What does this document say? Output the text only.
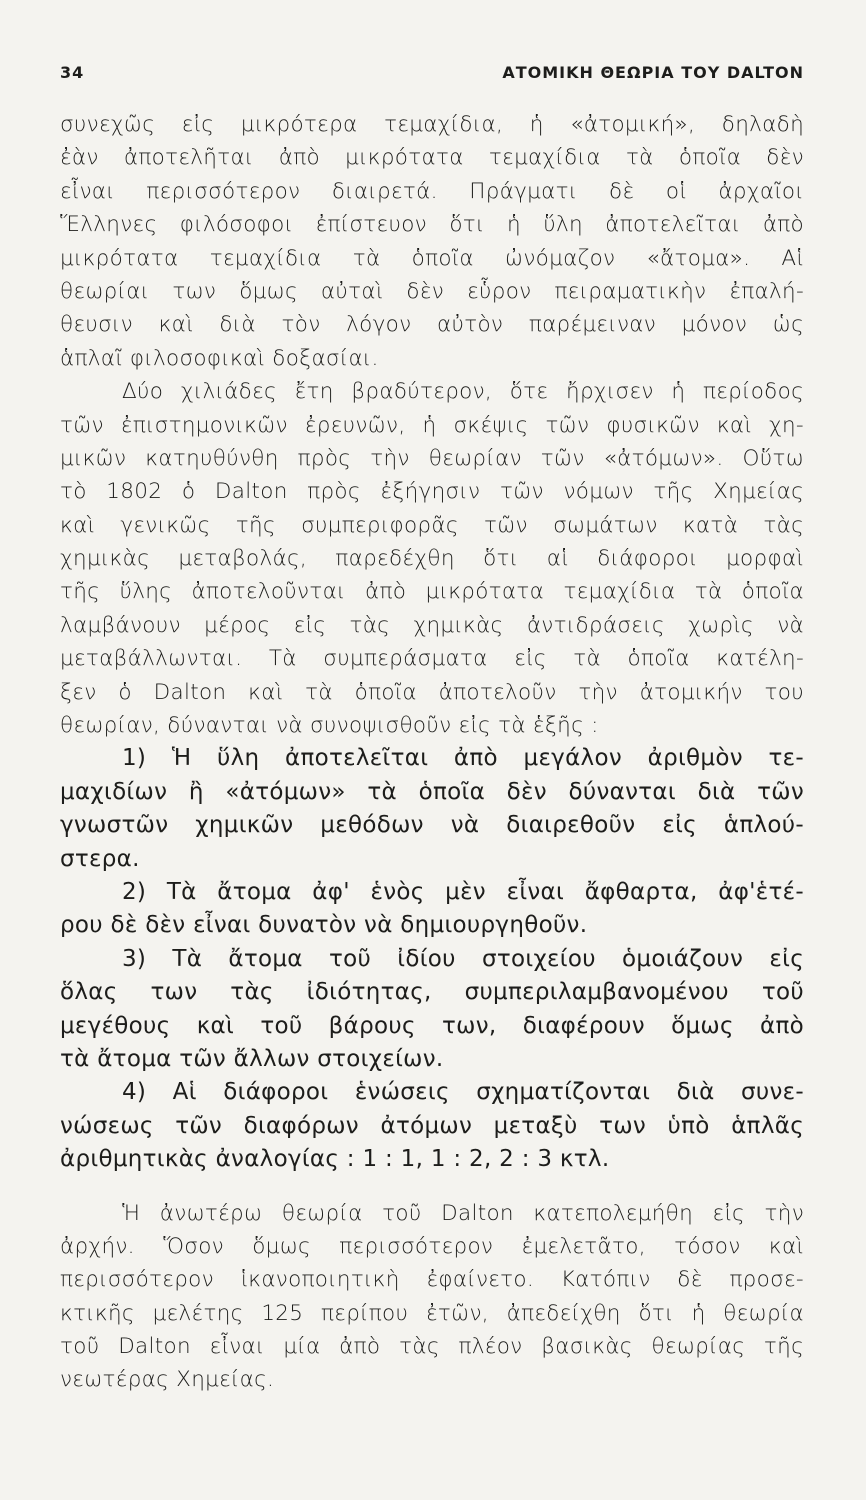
34	ΑΤΟΜΙΚΗ ΘΕΩΡΙΑ ΤΟΥ DALTON
συνεχῶς εἰς μικρότερα τεμαχίδια, ἡ «ἀτομική», δηλαδὴ
ἐὰν ἀποτελῆται ἀπὸ μικρότατα τεμαχίδια τὰ ὁποῖα δὲν
εἶναι περισσότερον διαιρετά. Πράγματι δὲ οἱ ἀρχαῖοι
Ἕλληνες φιλόσοφοι ἐπίστευον ὅτι ἡ ὕλη ἀποτελεῖται ἀπὸ
μικρότατα τεμαχίδια τὰ ὁποῖα ὠνόμαζον «ἄτομα». Αἱ
θεωρίαι των ὅμως αὐταὶ δὲν εὗρον πειραματικὴν ἐπαλή-
θευσιν καὶ διὰ τὸν λόγον αὐτὸν παρέμειναν μόνον ὡς
ἁπλαῖ φιλοσοφικαὶ δοξασίαι.
Δύο χιλιάδες ἔτη βραδύτερον, ὅτε ἤρχισεν ἡ περίοδος
τῶν ἐπιστημονικῶν ἐρευνῶν, ἡ σκέψις τῶν φυσικῶν καὶ χη-
μικῶν κατηυθύνθη πρὸς τὴν θεωρίαν τῶν «ἀτόμων». Οὕτω
τὸ 1802 ὁ Dalton πρὸς ἐξήγησιν τῶν νόμων τῆς Χημείας
καὶ γενικῶς τῆς συμπεριφορᾶς τῶν σωμάτων κατὰ τὰς
χημικὰς μεταβολάς, παρεδέχθη ὅτι αἱ διάφοροι μορφαὶ
τῆς ὕλης ἀποτελοῦνται ἀπὸ μικρότατα τεμαχίδια τὰ ὁποῖα
λαμβάνουν μέρος εἰς τὰς χημικὰς ἀντιδράσεις χωρὶς νὰ
μεταβάλλωνται. Τὰ συμπεράσματα εἰς τὰ ὁποῖα κατέλη-
ξεν ὁ Dalton καὶ τὰ ὁποῖα ἀποτελοῦν τὴν ἀτομικήν του
θεωρίαν, δύνανται νὰ συνοψισθοῦν εἰς τὰ ἑξῆς :
1) Ἡ ὕλη ἀποτελεῖται ἀπὸ μεγάλον ἀριθμὸν τε-
μαχιδίων ἢ «ἀτόμων» τὰ ὁποῖα δὲν δύνανται διὰ τῶν
γνωστῶν χημικῶν μεθόδων νὰ διαιρεθοῦν εἰς ἁπλού-
στερα.
2) Τὰ ἄτομα ἀφ' ἑνὸς μὲν εἶναι ἄφθαρτα, ἀφ'ἑτέ-
ρου δὲ δὲν εἶναι δυνατὸν νὰ δημιουργηθοῦν.
3) Τὰ ἄτομα τοῦ ἰδίου στοιχείου ὁμοιάζουν εἰς
ὅλας των τὰς ἰδιότητας, συμπεριλαμβανομένου τοῦ
μεγέθους καὶ τοῦ βάρους των, διαφέρουν ὅμως ἀπὸ
τὰ ἄτομα τῶν ἄλλων στοιχείων.
4) Αἱ διάφοροι ἑνώσεις σχηματίζονται διὰ συνε-
νώσεως τῶν διαφόρων ἀτόμων μεταξὺ των ὑπὸ ἁπλᾶς
ἀριθμητικὰς ἀναλογίας : 1 : 1, 1 : 2, 2 : 3 κτλ.
Ἡ ἀνωτέρω θεωρία τοῦ Dalton κατεπολεμήθη εἰς τὴν
ἀρχήν. Ὅσον ὅμως περισσότερον ἐμελετᾶτο, τόσον καὶ
περισσότερον ἱκανοποιητικὴ ἐφαίνετο. Κατόπιν δὲ προσε-
κτικῆς μελέτης 125 περίπου ἐτῶν, ἀπεδείχθη ὅτι ἡ θεωρία
τοῦ Dalton εἶναι μία ἀπὸ τὰς πλέον βασικὰς θεωρίας τῆς
νεωτέρας Χημείας.
